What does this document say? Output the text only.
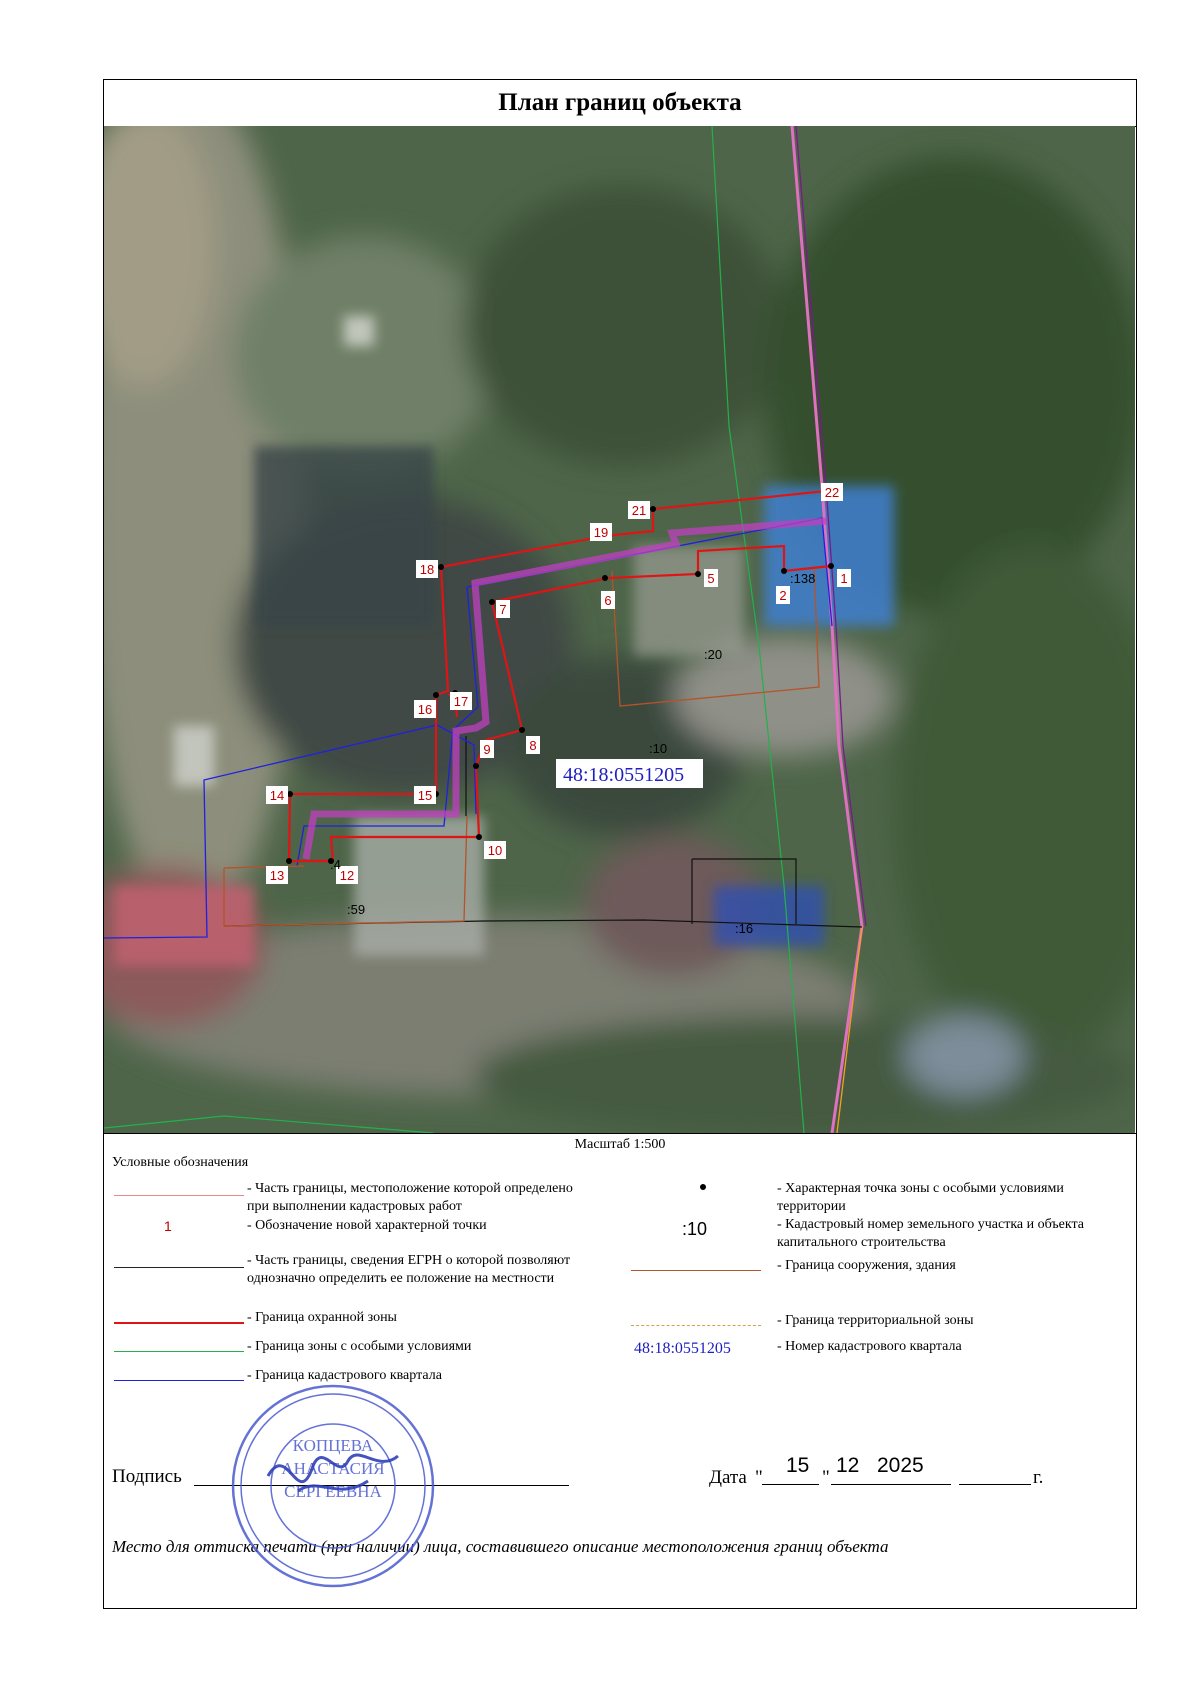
План границ объекта
1
2
5
6
7
8
9
10
12
13
14	15
16
17
18
19
21
22
:138
:20
:10
:4
:59
:16
48:18:0551205
Масштаб 1:500
Условные обозначения
- Часть границы, местоположение которой определено при выполнении кадастровых работ
1	- Обозначение новой характерной точки
- Часть границы, сведения ЕГРН о которой позволяют однозначно определить ее положение на местности
- Граница охранной зоны
- Граница зоны с особыми условиями
- Граница кадастрового квартала
- Характерная точка зоны с особыми условиями территории
:10	- Кадастровый номер земельного участка и объекта капитального строительства
- Граница сооружения, здания
- Граница территориальной зоны
48:18:0551205	- Номер кадастрового квартала
Подпись	Дата "
15
"
12 2025
г.
Место для оттиска печати (при наличии) лица, составившего описание местоположения границ объекта
КОПЦЕВА
АНАСТАСИЯ
СЕРГЕЕВНА
